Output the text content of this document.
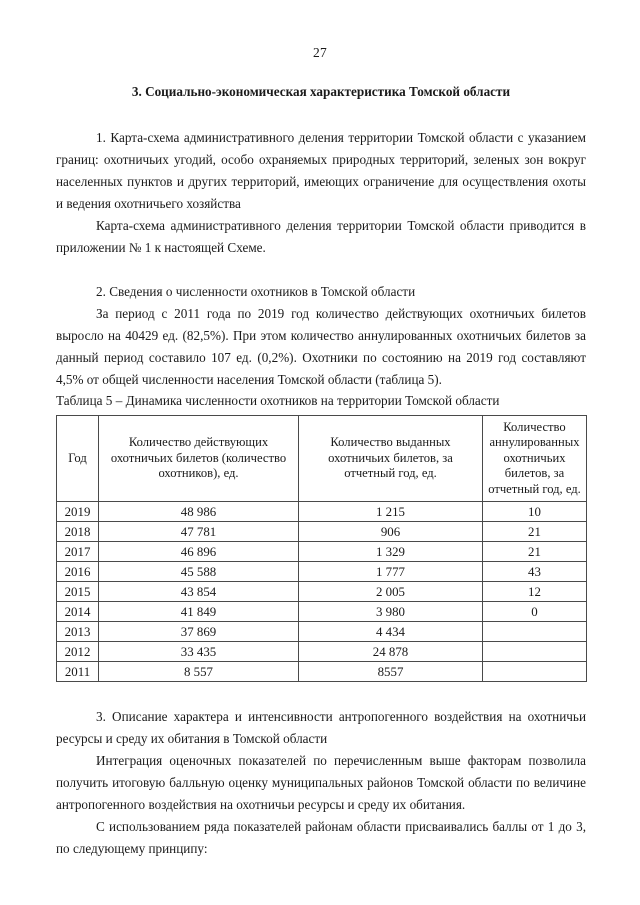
27
3. Социально-экономическая характеристика Томской области

1. Карта-схема административного деления территории Томской области с указанием границ: охотничьих угодий, особо охраняемых природных территорий, зеленых зон вокруг населенных пунктов и других территорий, имеющих ограничение для осуществления охоты и ведения охотничьего хозяйства

Карта-схема административного деления территории Томской области приводится в приложении № 1 к настоящей Схеме.

2. Сведения о численности охотников в Томской области

За период с 2011 года по 2019 год количество действующих охотничьих билетов выросло на 40429 ед. (82,5%). При этом количество аннулированных охотничьих билетов за данный период составило 107 ед. (0,2%). Охотники по состоянию на 2019 год составляют 4,5% от общей численности населения Томской области (таблица 5).

Таблица 5 – Динамика численности охотников на территории Томской области

Год	Количество действующих охотничьих билетов (количество охотников), ед.	Количество выданных охотничьих билетов, за отчетный год, ед.	Количество аннулированных охотничьих билетов, за отчетный год, ед.
2019	48 986	1 215	10
2018	47 781	906	21
2017	46 896	1 329	21
2016	45 588	1 777	43
2015	43 854	2 005	12
2014	41 849	3 980	0
2013	37 869	4 434	
2012	33 435	24 878	
2011	8 557	8557	

3. Описание характера и интенсивности антропогенного воздействия на охотничьи ресурсы и среду их обитания в Томской области

Интеграция оценочных показателей по перечисленным выше факторам позволила получить итоговую балльную оценку муниципальных районов Томской области по величине антропогенного воздействия на охотничьи ресурсы и среду их обитания.

С использованием ряда показателей районам области присваивались баллы от 1 до 3, по следующему принципу:
